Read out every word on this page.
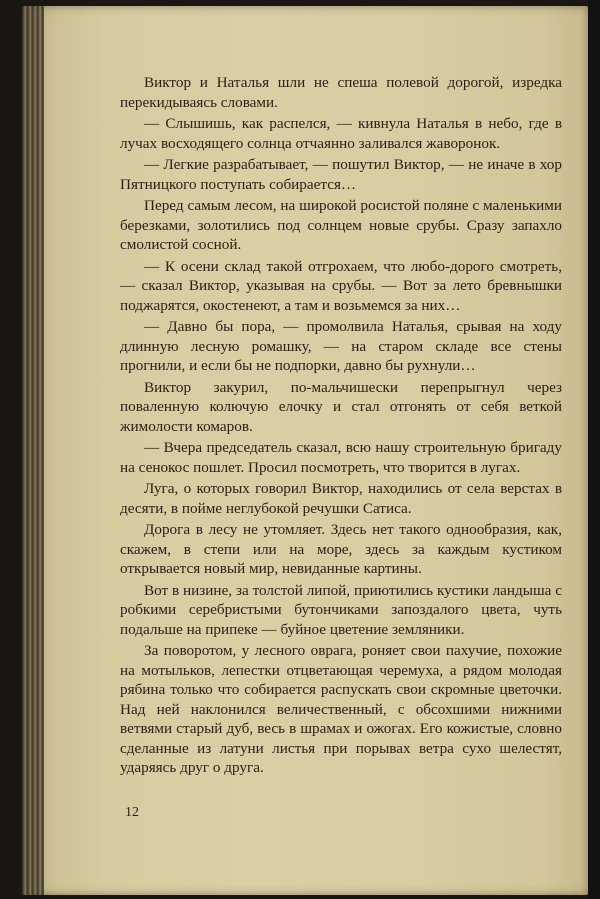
Виктор и Наталья шли не спеша полевой дорогой, изредка перекидываясь словами.

— Слышишь, как распелся, — кивнула Наталья в небо, где в лучах восходящего солнца отчаянно заливался жаворонок.

— Легкие разрабатывает, — пошутил Виктор, — не иначе в хор Пятницкого поступать собирается…

Перед самым лесом, на широкой росистой поляне с маленькими березками, золотились под солнцем новые срубы. Сразу запахло смолистой сосной.

— К осени склад такой отгрохаем, что любо-дорого смотреть, — сказал Виктор, указывая на срубы. — Вот за лето бревнышки поджарятся, окостенеют, а там и возьмемся за них…

— Давно бы пора, — промолвила Наталья, срывая на ходу длинную лесную ромашку, — на старом складе все стены прогнили, и если бы не подпорки, давно бы рухнули…

Виктор закурил, по-мальчишески перепрыгнул через поваленную колючую елочку и стал отгонять от себя веткой жимолости комаров.

— Вчера председатель сказал, всю нашу строительную бригаду на сенокос пошлет. Просил посмотреть, что творится в лугах.

Луга, о которых говорил Виктор, находились от села верстах в десяти, в пойме неглубокой речушки Сатиса.

Дорога в лесу не утомляет. Здесь нет такого однообразия, как, скажем, в степи или на море, здесь за каждым кустиком открывается новый мир, невиданные картины.

Вот в низине, за толстой липой, приютились кустики ландыша с робкими серебристыми бутончиками запоздалого цвета, чуть подальше на припеке — буйное цветение земляники.

За поворотом, у лесного оврага, роняет свои пахучие, похожие на мотыльков, лепестки отцветающая черемуха, а рядом молодая рябина только что собирается распускать свои скромные цветочки. Над ней наклонился величественный, с обсохшими нижними ветвями старый дуб, весь в шрамах и ожогах. Его кожистые, словно сделанные из латуни листья при порывах ветра сухо шелестят, ударяясь друг о друга.

12
